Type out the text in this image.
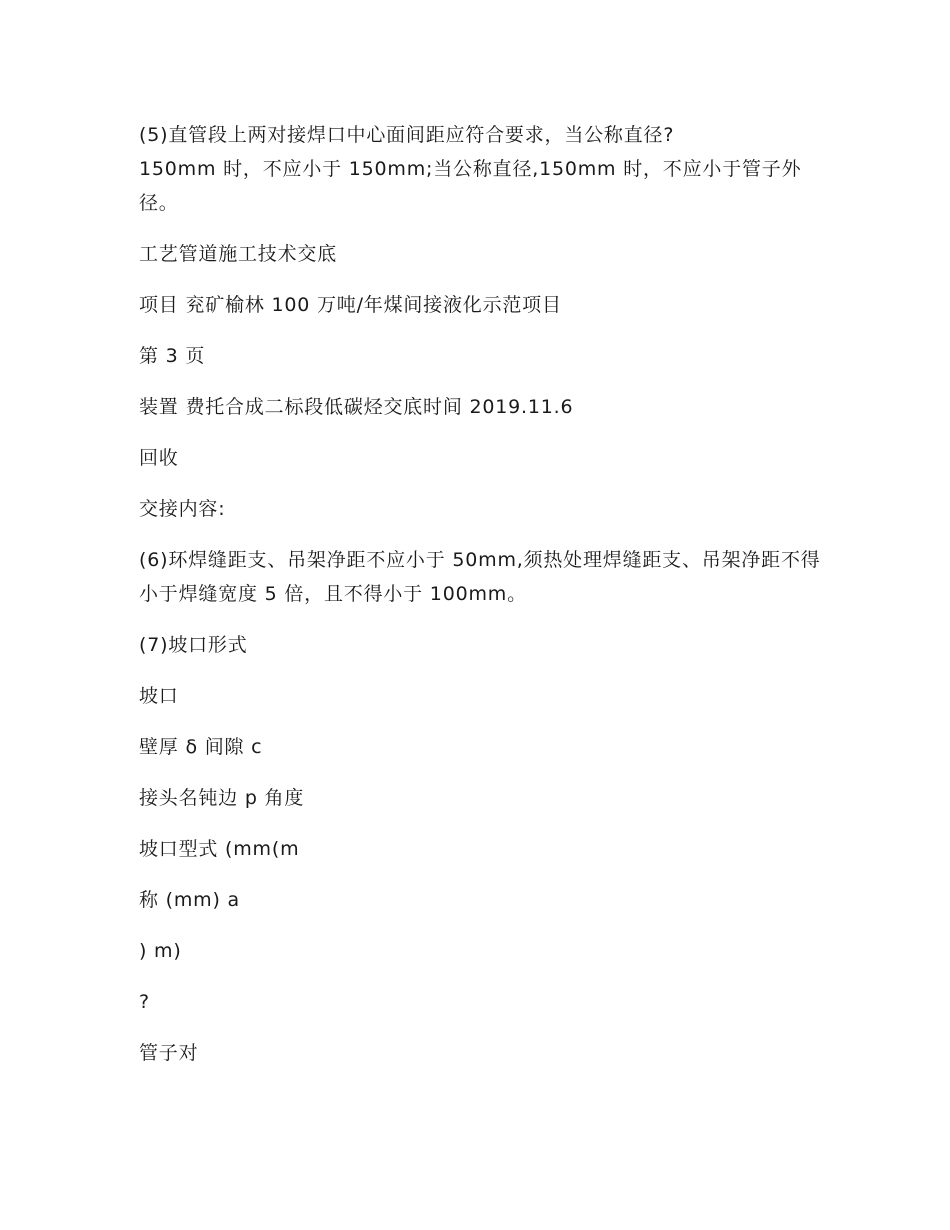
(5)直管段上两对接焊口中心面间距应符合要求，当公称直径?
150mm 时，不应小于 150mm;当公称直径,150mm 时，不应小于管子外径。

工艺管道施工技术交底

项目 兖矿榆林 100 万吨/年煤间接液化示范项目

第 3 页

装置 费托合成二标段低碳烃交底时间 2019.11.6

回收

交接内容:

(6)环焊缝距支、吊架净距不应小于 50mm,须热处理焊缝距支、吊架净距不得小于焊缝宽度 5 倍，且不得小于 100mm。

(7)坡口形式

坡口

壁厚 δ 间隙 c

接头名钝边 p 角度

坡口型式 (mm(m

称 (mm) a

) m)

?

管子对
